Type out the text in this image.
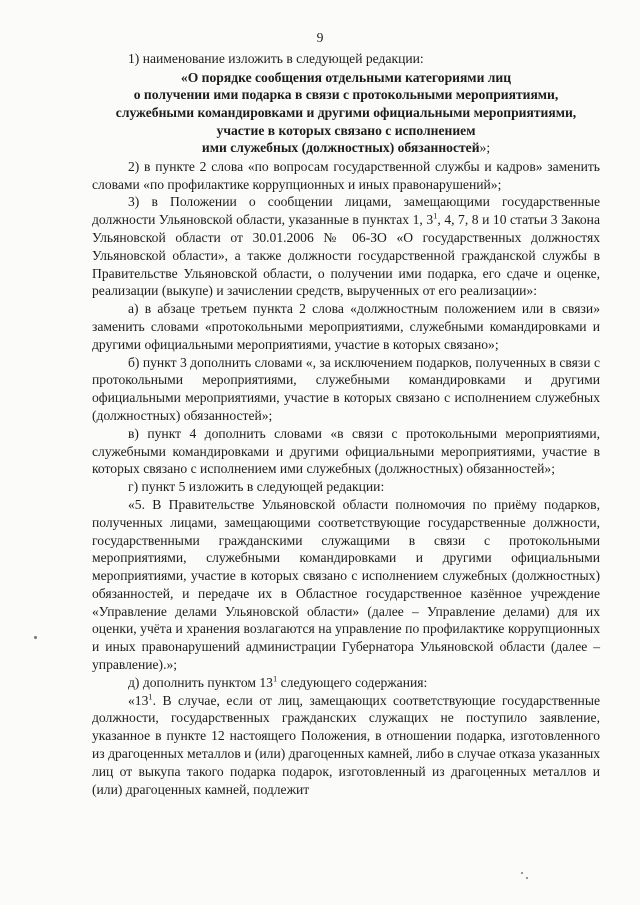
9

1) наименование изложить в следующей редакции:

«О порядке сообщения отдельными категориями лиц
о получении ими подарка в связи с протокольными мероприятиями,
служебными командировками и другими официальными мероприятиями,
участие в которых связано с исполнением
ими служебных (должностных) обязанностей»;

2) в пункте 2 слова «по вопросам государственной службы и кадров» заменить словами «по профилактике коррупционных и иных правонарушений»;

3) в Положении о сообщении лицами, замещающими государственные должности Ульяновской области, указанные в пунктах 1, $3^1$, 4, 7, 8 и 10 статьи 3 Закона Ульяновской области от 30.01.2006 № 06-ЗО «О государственных должностях Ульяновской области», а также должности государственной гражданской службы в Правительстве Ульяновской области, о получении ими подарка, его сдаче и оценке, реализации (выкупе) и зачислении средств, вырученных от его реализации»:

а) в абзаце третьем пункта 2 слова «должностным положением или в связи» заменить словами «протокольными мероприятиями, служебными командировками и другими официальными мероприятиями, участие в которых связано»;

б) пункт 3 дополнить словами «, за исключением подарков, полученных в связи с протокольными мероприятиями, служебными командировками и другими официальными мероприятиями, участие в которых связано с исполнением служебных (должностных) обязанностей»;

в) пункт 4 дополнить словами «в связи с протокольными мероприятиями, служебными командировками и другими официальными мероприятиями, участие в которых связано с исполнением ими служебных (должностных) обязанностей»;

г) пункт 5 изложить в следующей редакции:

«5. В Правительстве Ульяновской области полномочия по приёму подарков, полученных лицами, замещающими соответствующие государственные должности, государственными гражданскими служащими в связи с протокольными мероприятиями, служебными командировками и другими официальными мероприятиями, участие в которых связано с исполнением служебных (должностных) обязанностей, и передаче их в Областное государственное казённое учреждение «Управление делами Ульяновской области» (далее – Управление делами) для их оценки, учёта и хранения возлагаются на управление по профилактике коррупционных и иных правонарушений администрации Губернатора Ульяновской области (далее – управление).»;

д) дополнить пунктом $13^1$ следующего содержания:

«$13^1$. В случае, если от лиц, замещающих соответствующие государственные должности, государственных гражданских служащих не поступило заявление, указанное в пункте 12 настоящего Положения, в отношении подарка, изготовленного из драгоценных металлов и (или) драгоценных камней, либо в случае отказа указанных лиц от выкупа такого подарка подарок, изготовленный из драгоценных металлов и (или) драгоценных камней, подлежит
